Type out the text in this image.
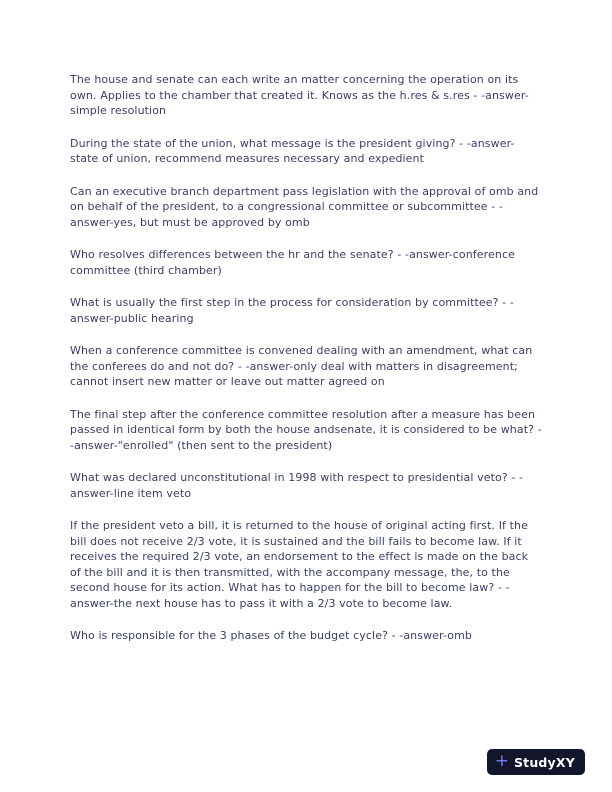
The house and senate can each write an matter concerning the operation on its own. Applies to the chamber that created it. Knows as the h.res & s.res - -answer-simple resolution

During the state of the union, what message is the president giving? - -answer-state of union, recommend measures necessary and expedient

Can an executive branch department pass legislation with the approval of omb and on behalf of the president, to a congressional committee or subcommittee - -answer-yes, but must be approved by omb

Who resolves differences between the hr and the senate? - -answer-conference committee (third chamber)

What is usually the first step in the process for consideration by committee? - -answer-public hearing

When a conference committee is convened dealing with an amendment, what can the conferees do and not do? - -answer-only deal with matters in disagreement; cannot insert new matter or leave out matter agreed on

The final step after the conference committee resolution after a measure has been passed in identical form by both the house andsenate, it is considered to be what? - -answer-"enrolled" (then sent to the president)

What was declared unconstitutional in 1998 with respect to presidential veto? - -answer-line item veto

If the president veto a bill, it is returned to the house of original acting first. If the bill does not receive 2/3 vote, it is sustained and the bill fails to become law. If it receives the required 2/3 vote, an endorsement to the effect is made on the back of the bill and it is then transmitted, with the accompany message, the, to the second house for its action. What has to happen for the bill to become law? - -answer-the next house has to pass it with a 2/3 vote to become law.

Who is responsible for the 3 phases of the budget cycle? - -answer-omb

+ StudyXY
